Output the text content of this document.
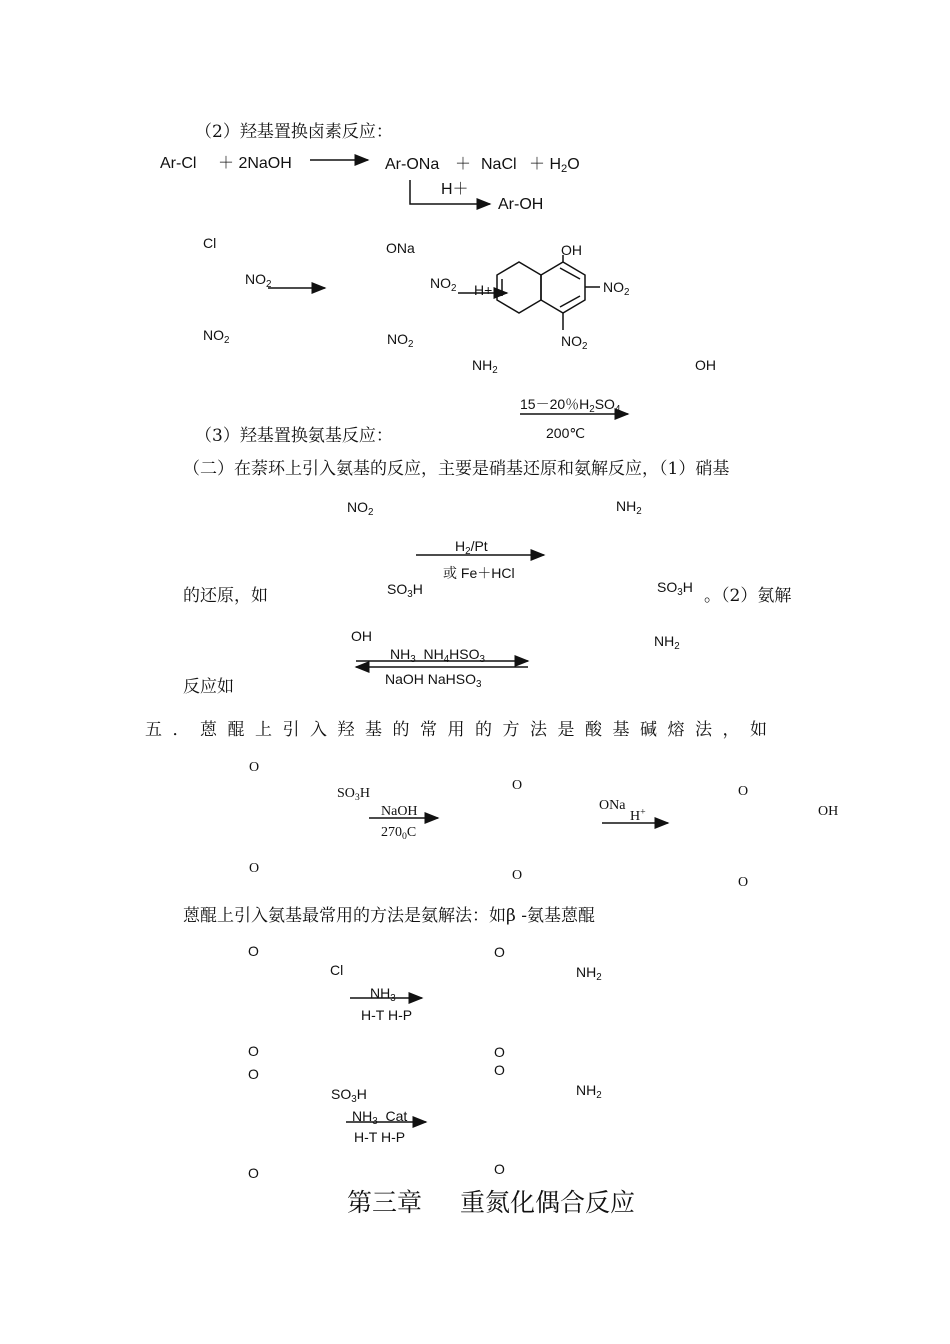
（2）羟基置换卤素反应：
Ar-Cl ＋ 2NaOH	Ar-ONa ＋ NaCl ＋ $H_2O$
H＋
Ar-OH
Cl
$NO_2$
$NO_2$
ONa
$NO_2$
$NO_2$
H+
OH
$NO_2$
$NO_2$
$NH_2$	OH
15－20％$H_2SO_4$
200℃
（3）羟基置换氨基反应：
（二）在萘环上引入氨基的反应，主要是硝基还原和氨解反应，（1）硝基
$NO_2$	$NH_2$
$H_2/Pt$
或 Fe＋HCl
的还原，如	$SO_3H$	$SO_3H$ 。（2）氨解
OH	$NH_2$
$NH_3$ $NH_4HSO_3$
NaOH NaHSO$_3$
反应如
五．蒽醌上引入羟基的常用的方法是酸基碱熔法，如
O
$SO_3H$
NaOH
$270_0C$
O
ONa
H+
O
OH
O	O	O
蒽醌上引入氨基最常用的方法是氨解法：如β -氨基蒽醌
O
Cl
$NH_3$
H-T H-P
O
$NH_2$
O	O
O	O
$SO_3H$
$NH_3$ Cat
H-T H-P
$NH_2$
O	O
第三章 重氮化偶合反应
